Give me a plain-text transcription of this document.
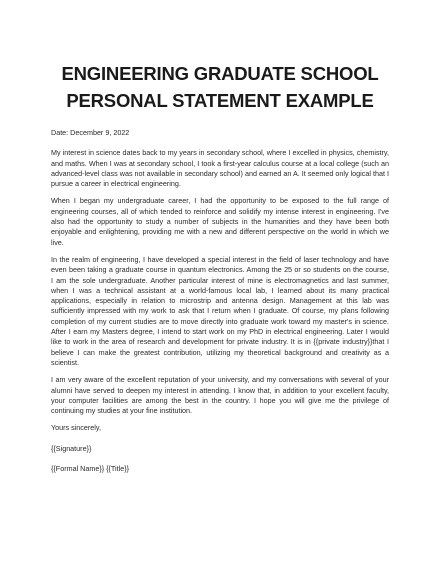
ENGINEERING GRADUATE SCHOOL
PERSONAL STATEMENT EXAMPLE
Date: December 9, 2022
My interest in science dates back to my years in secondary school, where I excelled in physics, chemistry,
and maths. When I was at secondary school, I took a first-year calculus course at a local college (such an
advanced-level class was not available in secondary school) and earned an A. It seemed only logical that I
pursue a career in electrical engineering.
When I began my undergraduate career, I had the opportunity to be exposed to the full range of
engineering courses, all of which tended to reinforce and solidify my intense interest in engineering. I've
also had the opportunity to study a number of subjects in the humanities and they have been both
enjoyable and enlightening, providing me with a new and different perspective on the world in which we
live.
In the realm of engineering, I have developed a special interest in the field of laser technology and have
even been taking a graduate course in quantum electronics. Among the 25 or so students on the course,
I am the sole undergraduate. Another particular interest of mine is electromagnetics and last summer,
when I was a technical assistant at a world-famous local lab, I learned about its many practical
applications, especially in relation to microstrip and antenna design. Management at this lab was
sufficiently impressed with my work to ask that I return when I graduate. Of course, my plans following
completion of my current studies are to move directly into graduate work toward my master's in science.
After I earn my Masters degree, I intend to start work on my PhD in electrical engineering. Later I would
like to work in the area of research and development for private industry. It is in {{private industry}}that I
believe I can make the greatest contribution, utilizing my theoretical background and creativity as a
scientist.
I am very aware of the excellent reputation of your university, and my conversations with several of your
alumni have served to deepen my interest in attending. I know that, in addition to your excellent faculty,
your computer facilities are among the best in the country. I hope you will give me the privilege of
continuing my studies at your fine institution.
Yours sincerely,
{{Signature}}
{{Formal Name}} {{Title}}
